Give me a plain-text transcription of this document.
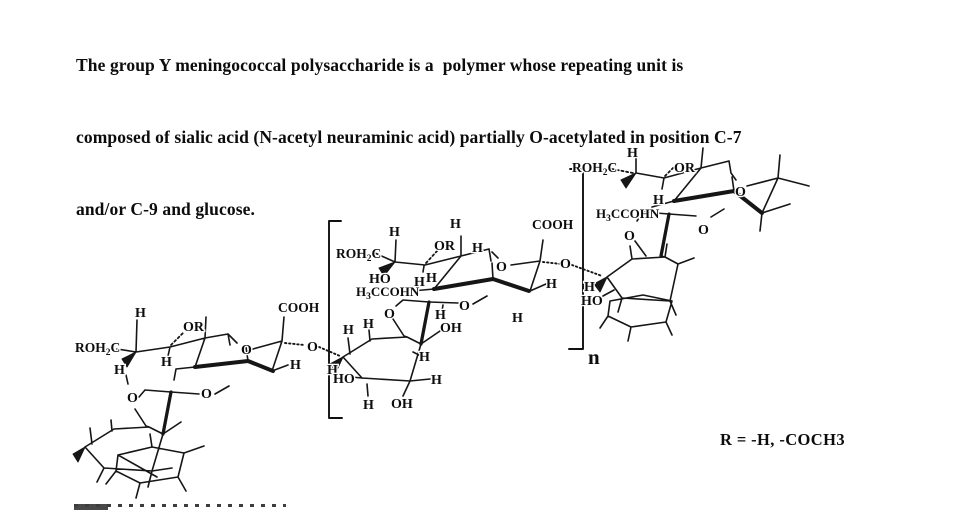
The group Y meningococcal polysaccharide is a  polymer whose repeating unit is

composed of sialic acid (N-acetyl neuraminic acid) partially O-acetylated in position C-7

and/or C-9 and glucose.

n
$ROH_2C$
H
OR
H
H
COOH
O	O
H
O
O
$ROH_2C$
H
HO
OR
H H
$H_3CCOHN$
H
H	COOH
O	O
H
H
O
O
H
OH
H H
H
HO
H
H
H OH
$ROH_2C$
H
OR
H
$H_3CCOHN$
O
O
O
H
HO
R = -H, -COCH3
